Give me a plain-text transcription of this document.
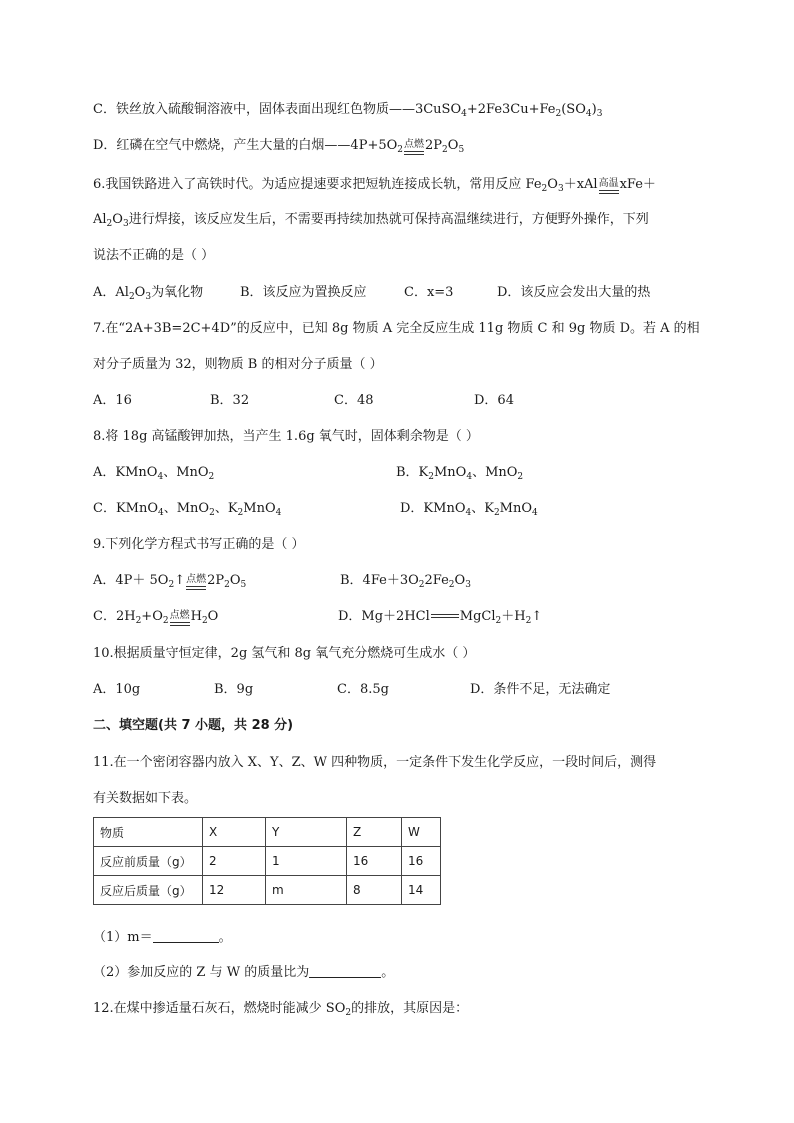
C．铁丝放入硫酸铜溶液中，固体表面出现红色物质$——3CuSO_4+2Fe3Cu+Fe_2(SO_4)_3$
D．红磷在空气中燃烧，产生大量的白烟$——4P+5O_2$点燃
$2P_2O_5$
6.我国铁路进入了高铁时代。为适应提速要求把短轨连接成长轨，常用反应 $Fe_2O_3+xAl$高温
xFe＋
$Al_2O_3$进行焊接，该反应发生后，不需要再持续加热就可保持高温继续进行，方便野外操作，下列
说法不正确的是（ ）
A．$Al_2O_3$为氧化物	B．该反应为置换反应	C．x=3	D．该反应会发出大量的热
7.在“2A+3B=2C+4D”的反应中，已知 8g 物质 A 完全反应生成 11g 物质 C 和 9g 物质 D。若 A 的相
对分子质量为 32，则物质 B 的相对分子质量（ ）
A．16	B．32	C．48	D．64
8.将 18g 高锰酸钾加热，当产生 1.6g 氧气时，固体剩余物是（ ）
A．KMnO$_4$、MnO$_2$	B．$K_2MnO_4$、MnO$_2$
C．KMnO$_4$、MnO$_2$、$K_2MnO_4$	D．KMnO$_4$、$K_2MnO_4$
9.下列化学方程式书写正确的是（ ）
A．$4P+ 5O_2↑$点燃
$2P_2O_5$	B．$4Fe+3O_22Fe_2O_3$
C．$2H_2+O_2$点燃
$H_2O$	D．Mg＋2HCl $MgCl_2+H_2↑$
10.根据质量守恒定律，2g 氢气和 8g 氧气充分燃烧可生成水（ ）
A．10g	B．9g	C．8.5g	D．条件不足，无法确定
二、填空题(共 7 小题，共 28 分)
11.在一个密闭容器内放入 X、Y、Z、W 四种物质，一定条件下发生化学反应，一段时间后，测得
有关数据如下表。
物质	X	Y	Z	W
反应前质量（g）	2	1	16	16
反应后质量（g）	12	m	8	14
（1）m＝	。
（2）参加反应的 Z 与 W 的质量比为	。
12.在煤中掺适量石灰石，燃烧时能减少 $SO_2$的排放，其原因是：
